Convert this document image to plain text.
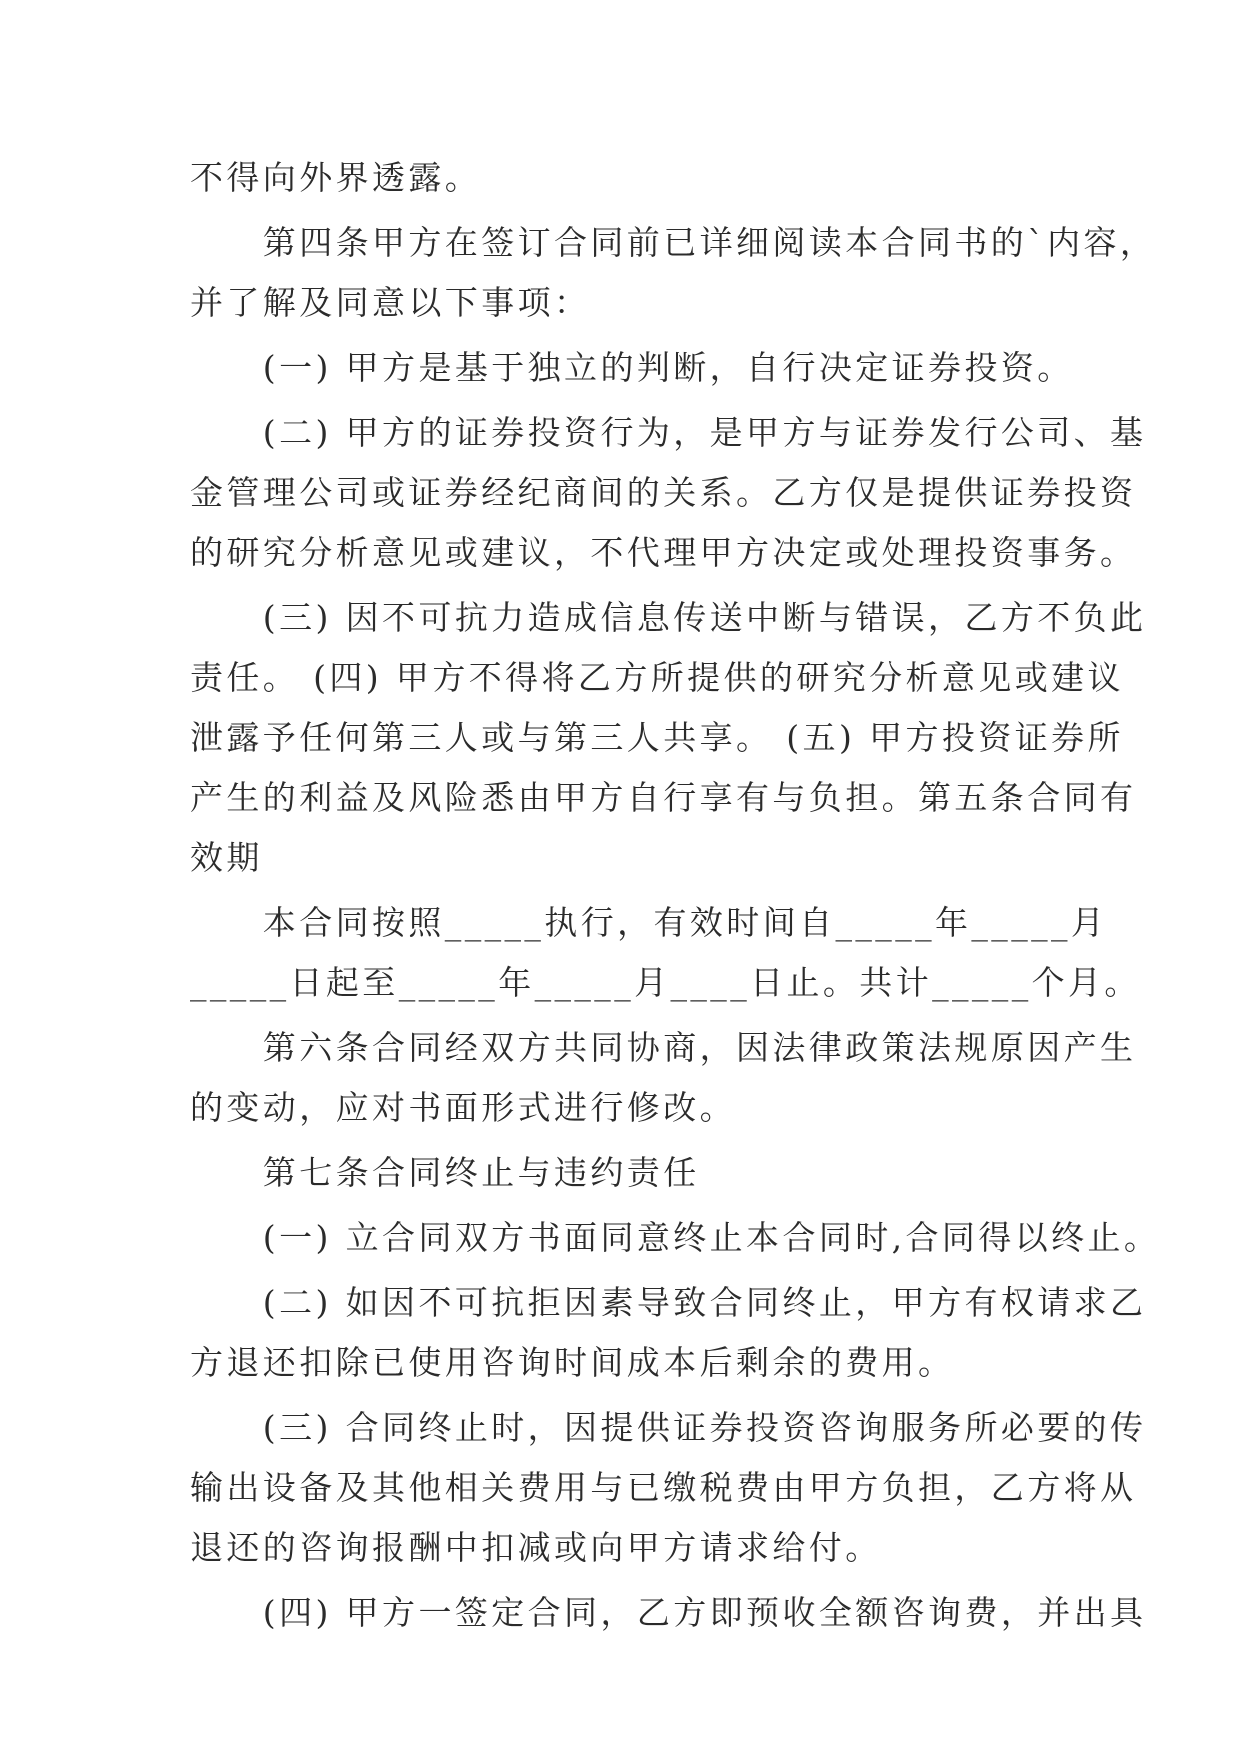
不得向外界透露。
　　第四条甲方在签订合同前已详细阅读本合同书的`内容，
并了解及同意以下事项：
　　(一) 甲方是基于独立的判断，自行决定证券投资。
　　(二) 甲方的证券投资行为，是甲方与证券发行公司、基
金管理公司或证券经纪商间的关系。乙方仅是提供证券投资
的研究分析意见或建议，不代理甲方决定或处理投资事务。
　　(三) 因不可抗力造成信息传送中断与错误，乙方不负此
责任。 (四) 甲方不得将乙方所提供的研究分析意见或建议
泄露予任何第三人或与第三人共享。 (五) 甲方投资证券所
产生的利益及风险悉由甲方自行享有与负担。第五条合同有
效期
　　本合同按照_____执行，有效时间自_____年_____月
_____日起至_____年_____月____日止。共计_____个月。
　　第六条合同经双方共同协商，因法律政策法规原因产生
的变动，应对书面形式进行修改。
　　第七条合同终止与违约责任
　　(一) 立合同双方书面同意终止本合同时,合同得以终止。
　　(二) 如因不可抗拒因素导致合同终止，甲方有权请求乙
方退还扣除已使用咨询时间成本后剩余的费用。
　　(三) 合同终止时，因提供证券投资咨询服务所必要的传
输出设备及其他相关费用与已缴税费由甲方负担，乙方将从
退还的咨询报酬中扣减或向甲方请求给付。
　　(四) 甲方一签定合同，乙方即预收全额咨询费，并出具
